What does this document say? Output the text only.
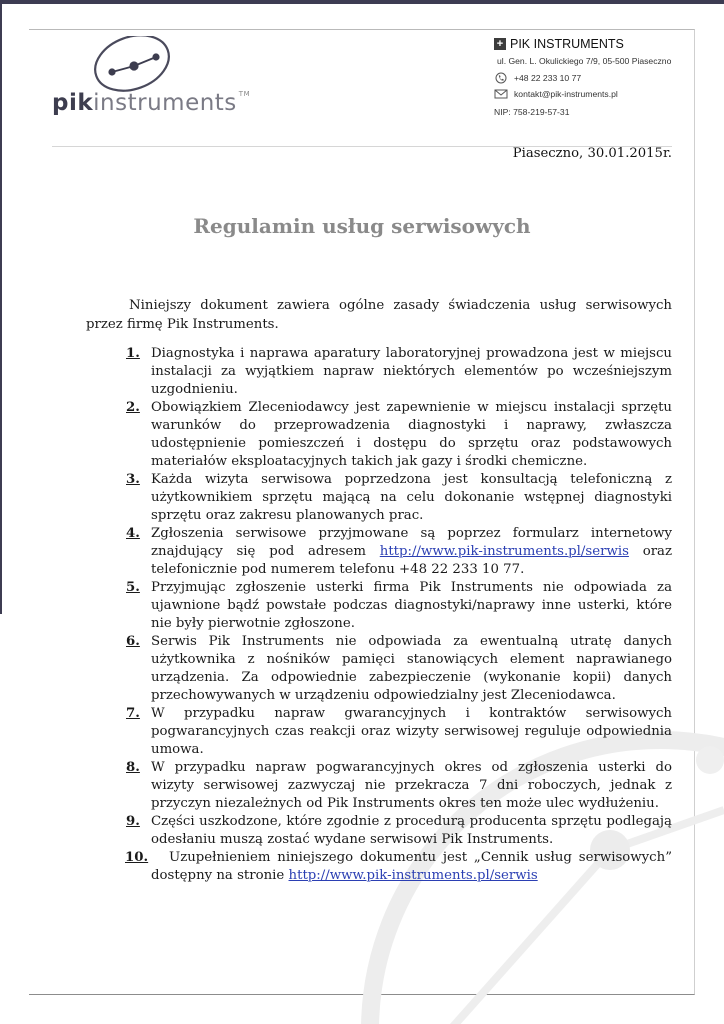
pikinstruments ™
+ PIK INSTRUMENTS
ul. Gen. L. Okulickiego 7/9, 05-500 Piaseczno
+48 22 233 10 77
kontakt@pik-instruments.pl
NIP: 758-219-57-31
Piaseczno, 30.01.2015r.
Regulamin usług serwisowych
Niniejszy dokument zawiera ogólne zasady świadczenia usług serwisowych przez firmę Pik Instruments.
1. Diagnostyka i naprawa aparatury laboratoryjnej prowadzona jest w miejscu instalacji za wyjątkiem napraw niektórych elementów po wcześniejszym uzgodnieniu.
2. Obowiązkiem Zleceniodawcy jest zapewnienie w miejscu instalacji sprzętu warunków do przeprowadzenia diagnostyki i naprawy, zwłaszcza udostępnienie pomieszczeń i dostępu do sprzętu oraz podstawowych materiałów eksploatacyjnych takich jak gazy i środki chemiczne.
3. Każda wizyta serwisowa poprzedzona jest konsultacją telefoniczną z użytkownikiem sprzętu mającą na celu dokonanie wstępnej diagnostyki sprzętu oraz zakresu planowanych prac.
4. Zgłoszenia serwisowe przyjmowane są poprzez formularz internetowy znajdujący się pod adresem http://www.pik-instruments.pl/serwis oraz telefonicznie pod numerem telefonu +48 22 233 10 77.
5. Przyjmując zgłoszenie usterki firma Pik Instruments nie odpowiada za ujawnione bądź powstałe podczas diagnostyki/naprawy inne usterki, które nie były pierwotnie zgłoszone.
6. Serwis Pik Instruments nie odpowiada za ewentualną utratę danych użytkownika z nośników pamięci stanowiących element naprawianego urządzenia. Za odpowiednie zabezpieczenie (wykonanie kopii) danych przechowywanych w urządzeniu odpowiedzialny jest Zleceniodawca.
7. W przypadku napraw gwarancyjnych i kontraktów serwisowych pogwarancyjnych czas reakcji oraz wizyty serwisowej reguluje odpowiednia umowa.
8. W przypadku napraw pogwarancyjnych okres od zgłoszenia usterki do wizyty serwisowej zazwyczaj nie przekracza 7 dni roboczych, jednak z przyczyn niezależnych od Pik Instruments okres ten może ulec wydłużeniu.
9. Części uszkodzone, które zgodnie z procedurą producenta sprzętu podlegają odesłaniu muszą zostać wydane serwisowi Pik Instruments.
10. Uzupełnieniem niniejszego dokumentu jest „Cennik usług serwisowych” dostępny na stronie http://www.pik-instruments.pl/serwis
